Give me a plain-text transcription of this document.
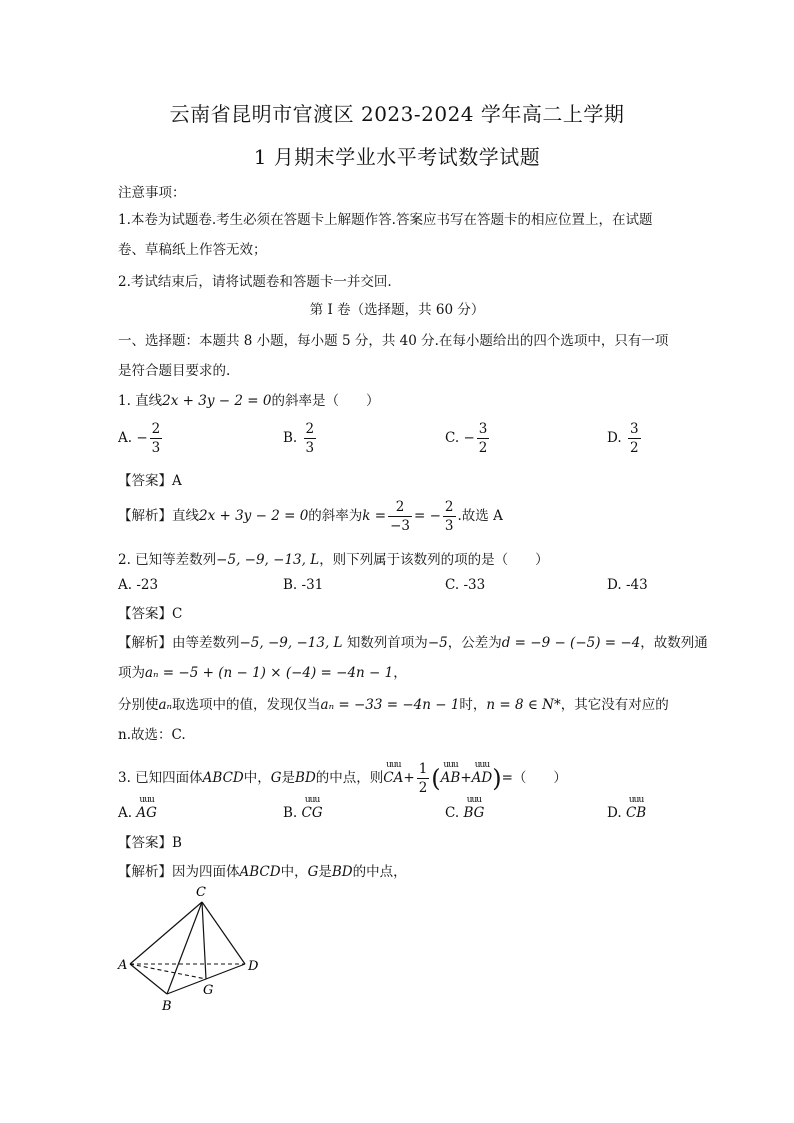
云南省昆明市官渡区 2023-2024 学年高二上学期
1 月期末学业水平考试数学试题
注意事项：
1.本卷为试题卷.考生必须在答题卡上解题作答.答案应书写在答题卡的相应位置上，在试题
卷、草稿纸上作答无效；
2.考试结束后，请将试题卷和答题卡一并交回.
第 I 卷（选择题，共 60 分）
一、选择题：本题共 8 小题，每小题 5 分，共 40 分.在每小题给出的四个选项中，只有一项
是符合题目要求的.
1. 直线2x + 3y − 2 = 0的斜率是（　　）
A. − $\frac{2}{3}$	B. $\frac{2}{3}$	C. − $\frac{3}{2}$	D. $\frac{3}{2}$
【答案】A
【解析】直线2x + 3y − 2 = 0的斜率为$k = \frac{2}{-3}$ = − $\frac{2}{3}$ .故选 A
2. 已知等差数列−5, −9, −13, L，则下列属于该数列的项的是（　　）
A. -23	B. -31	C. -33	D. -43
【答案】C
【解析】由等差数列−5, −9, −13, L 知数列首项为−5，公差为d = −9 − (−5) = −4，故数列通
项为aₙ = −5 + (n − 1) × (−4) = −4n − 1，
分别使aₙ取选项中的值，发现仅当aₙ = −33 = −4n − 1时，n = 8 ∈ N*，其它没有对应的
n.故选：C.
3. 已知四面体ABCD中，G是BD的中点，则
uuu
$CA+ \frac{1}{2}$ ( uuu
AB+
uuu
AD)=（　　）
A.
uuu
AG	B.
uuu
CG	C.
uuu
BG	D.
uuu
CB
【答案】B
【解析】因为四面体ABCD中，G是BD的中点，
C
A	D
B
G
